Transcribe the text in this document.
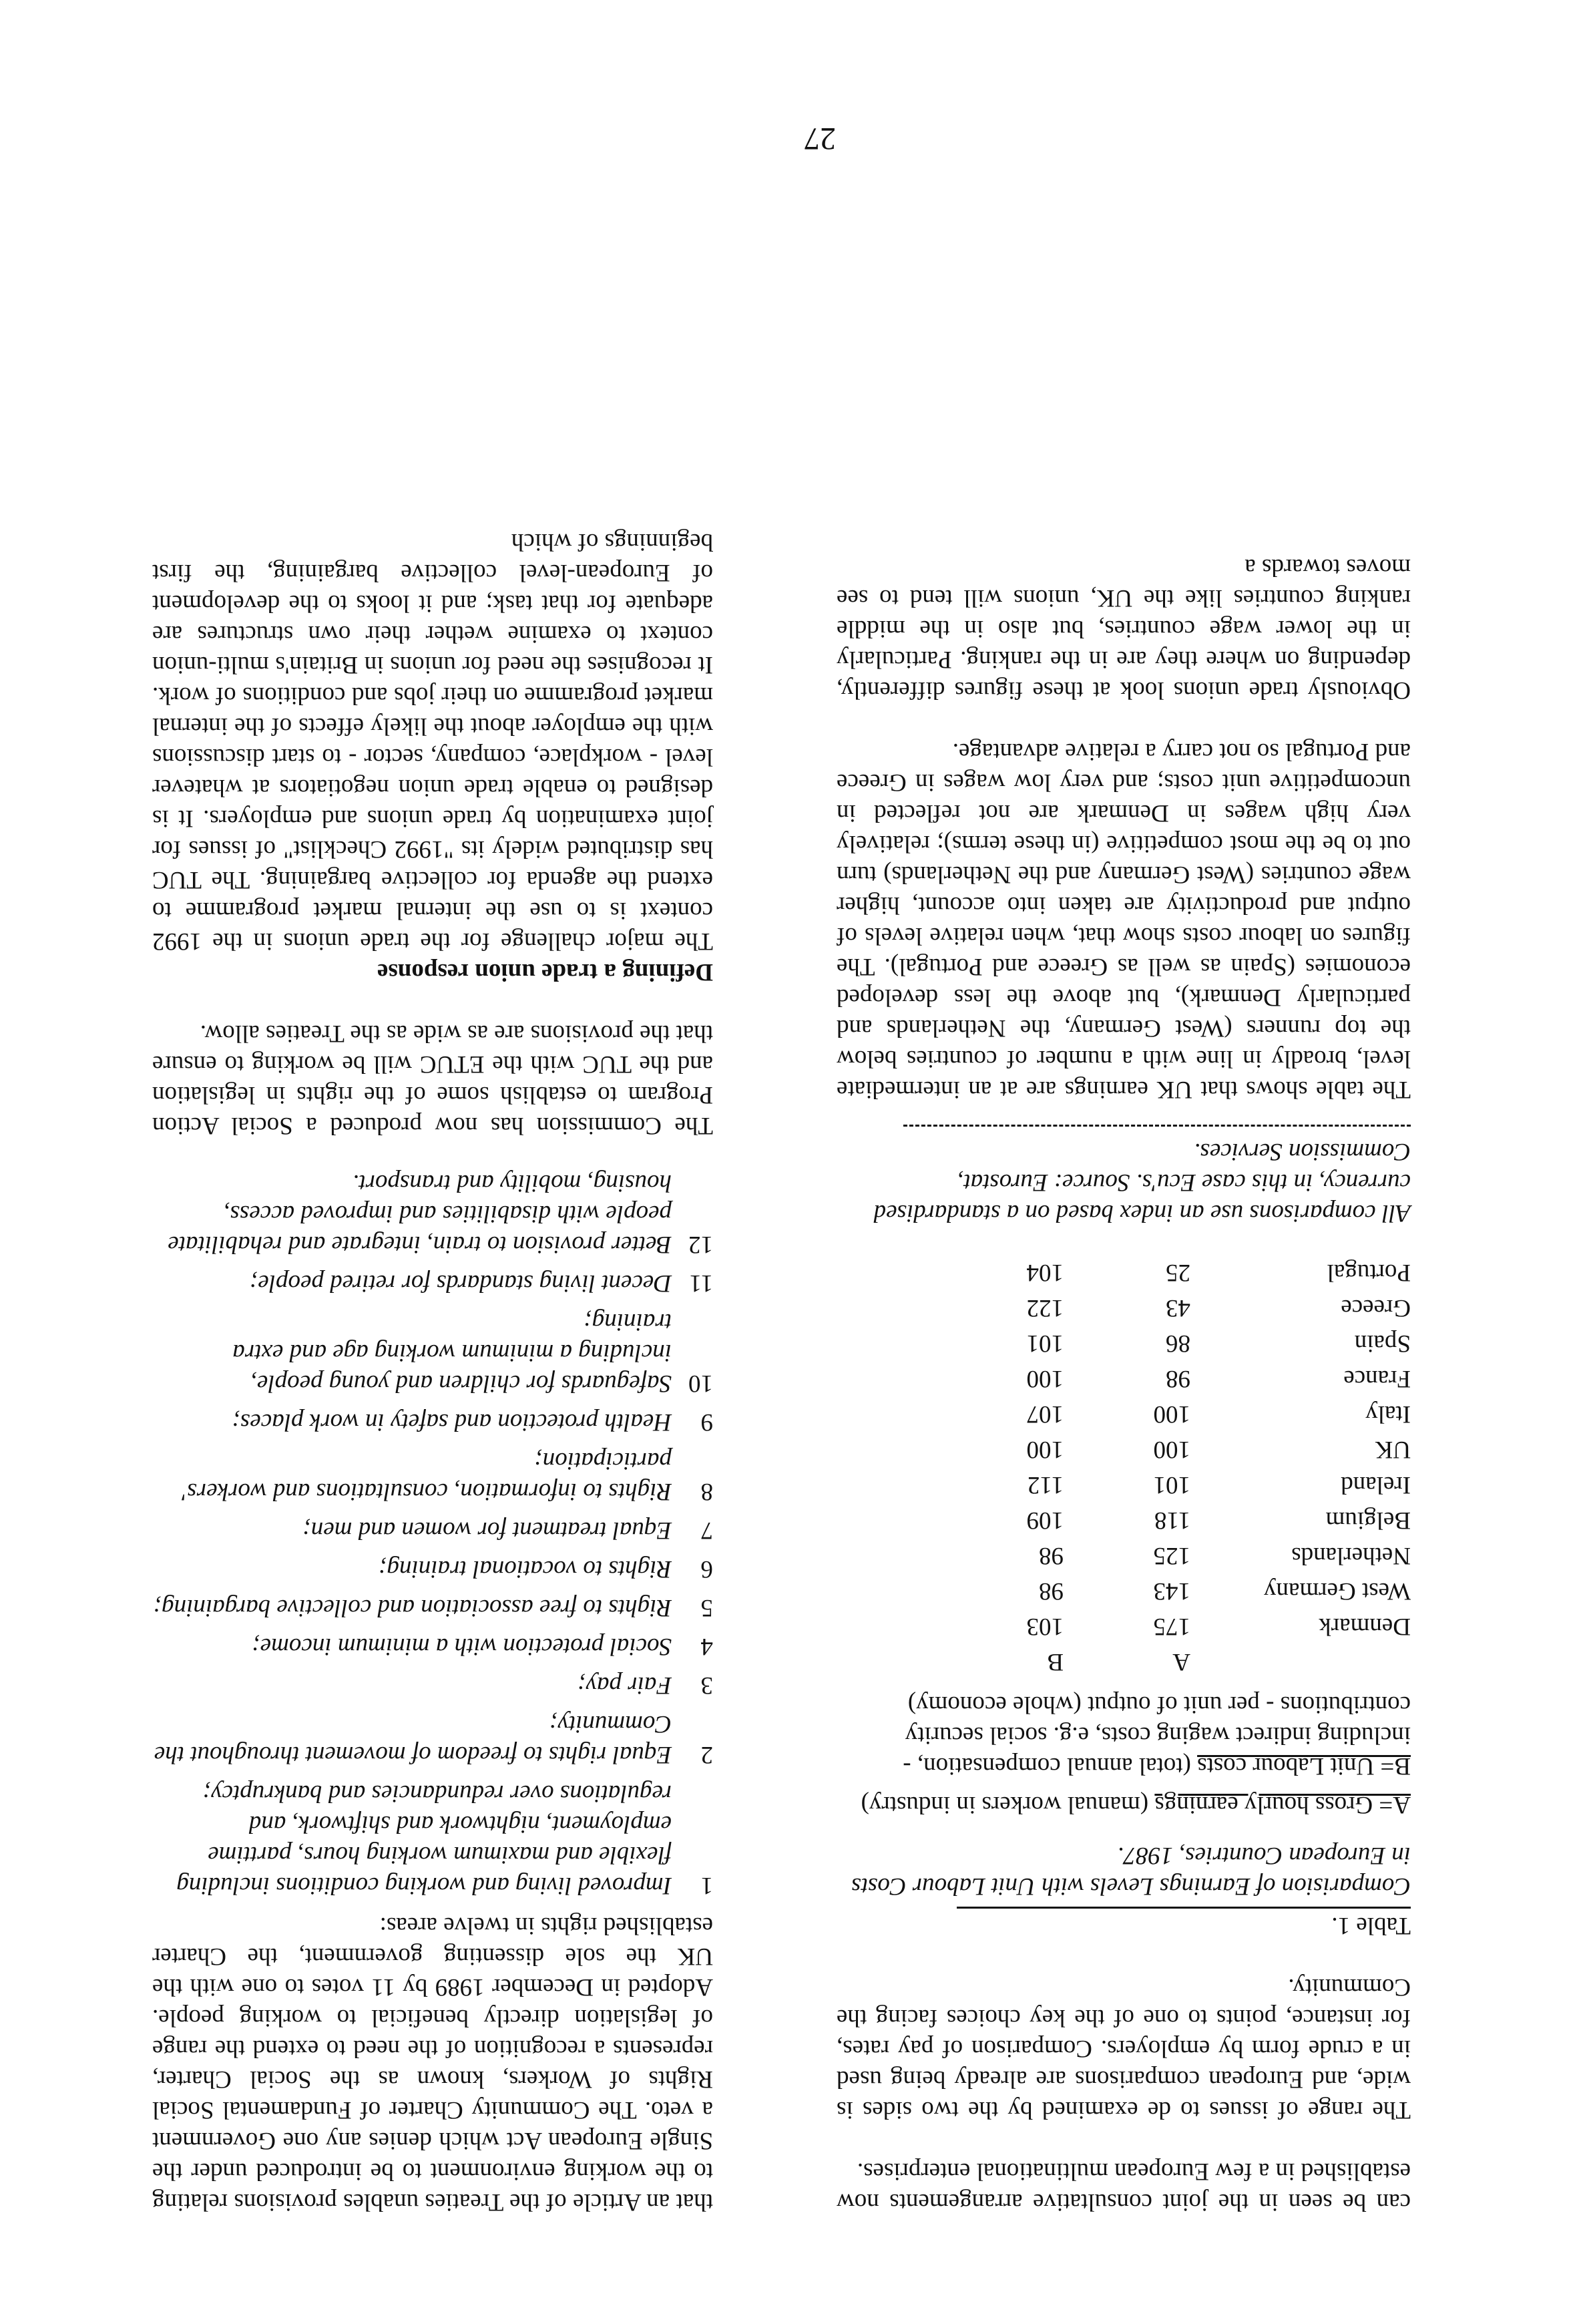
can be seen in the joint consultative arrangements now established in a few European multinational enterprises.

The range of issues to de examined by the two sides is wide, and European comparisons are already being used in a crude form by employers. Comparison of pay rates, for instance, points to one of the key choices facing the Community.

Table 1.
Comparision of Earnings Levels with Unit Labour Costs in European Countries, 1987.
A= Gross hourly earnings (manual workers in industry)
B= Unit Labour costs (total annual compensation, - including indirect waging costs, e.g. social security contributions - per unit of output (whole economy)
	A	B
Denmark	175	103
West Germany	143	98
Netherlands	125	98
Belgium	118	109
Ireland	101	112
UK	100	100
Italy	100	107
France	98	100
Spain	86	101
Greece	43	122
Portugal	25	104
All comparisons use an index based on a standardised currency, in this case Ecu's. Source: Eurostat, Commission Services.

The table shows that UK earnings are at an intermediate level, broadly in line with a number of countries below the top runners (West Germany, the Netherlands and particularly Denmark), but above the less developed economies (Spain as well as Greece and Portugal). The figures on labour costs show that, when relative levels of output and productivity are taken into account, higher wage countries (West Germany and the Netherlands) turn out to be the most competitive (in these terms); relatively very high wages in Denmark are not reflected in uncompetitive unit costs; and very low wages in Greece and Portugal so not carry a relative advantage.

Obviously trade unions look at these figures differently, depending on where they are in the ranking. Particularly in the lower wage countries, but also in the middle ranking countries like the UK, unions will tend to see moves towards a

that an Article of the Treaties unables provisions relating to the working environment to be introduced under the Single European Act which denies any one Government a veto. The Community Charter of Fundamental Social Rights of Workers, known as the Social Charter, represents a recognition of the need to extend the range of legislation directly beneficial to working people. Adopted in December 1989 by 11 votes to one with the UK the sole dissenting government, the Charter established rights in twelve areas:

1
Improved living and working conditions including flexible and maximum working hours, parttime employment, nightwork and shiftwork, and regulations over redundancies and bankruptcy;
2
Equal rights to freedom of movement throughout the Community;
3
Fair pay;
4
Social protection with a minimum income;
5
Rights to free association and collective bargaining;
6
Rights to vocational training;
7
Equal treatment for women and men;
8
Rights to information, consultations and workers' participation;
9
Health protection and safety in work places;
10
Safeguards for children and young people, including a minimum working age and extra training;
11
Decent living standards for retired people;
12
Better provision to train, integrate and rehabilitate people with disabilities and improved access, housing, mobility and transport.

The Commission has now produced a Social Action Program to establish some of the rights in legislation and the TUC with the ETUC will be working to ensure that the provisions are as wide as the Treaties allow.

Defining a trade union response

The major challenge for the trade unions in the 1992 context is to use the internal market programme to extend the agenda for collective bargaining. The TUC has distributed widely its "1992 Checklist" of issues for joint examination by trade unions and employers. It is designed to enable trade union negotiators at whatever level - workplace, company, sector - to start discussions with the employer about the likely effects of the internal market programme on their jobs and conditions of work. It recognises the need for unions in Britain's multi-union context to examine wether their own structures are adequate for that task; and it looks to the development of European-level collective bargaining, the first beginnings of which

27
